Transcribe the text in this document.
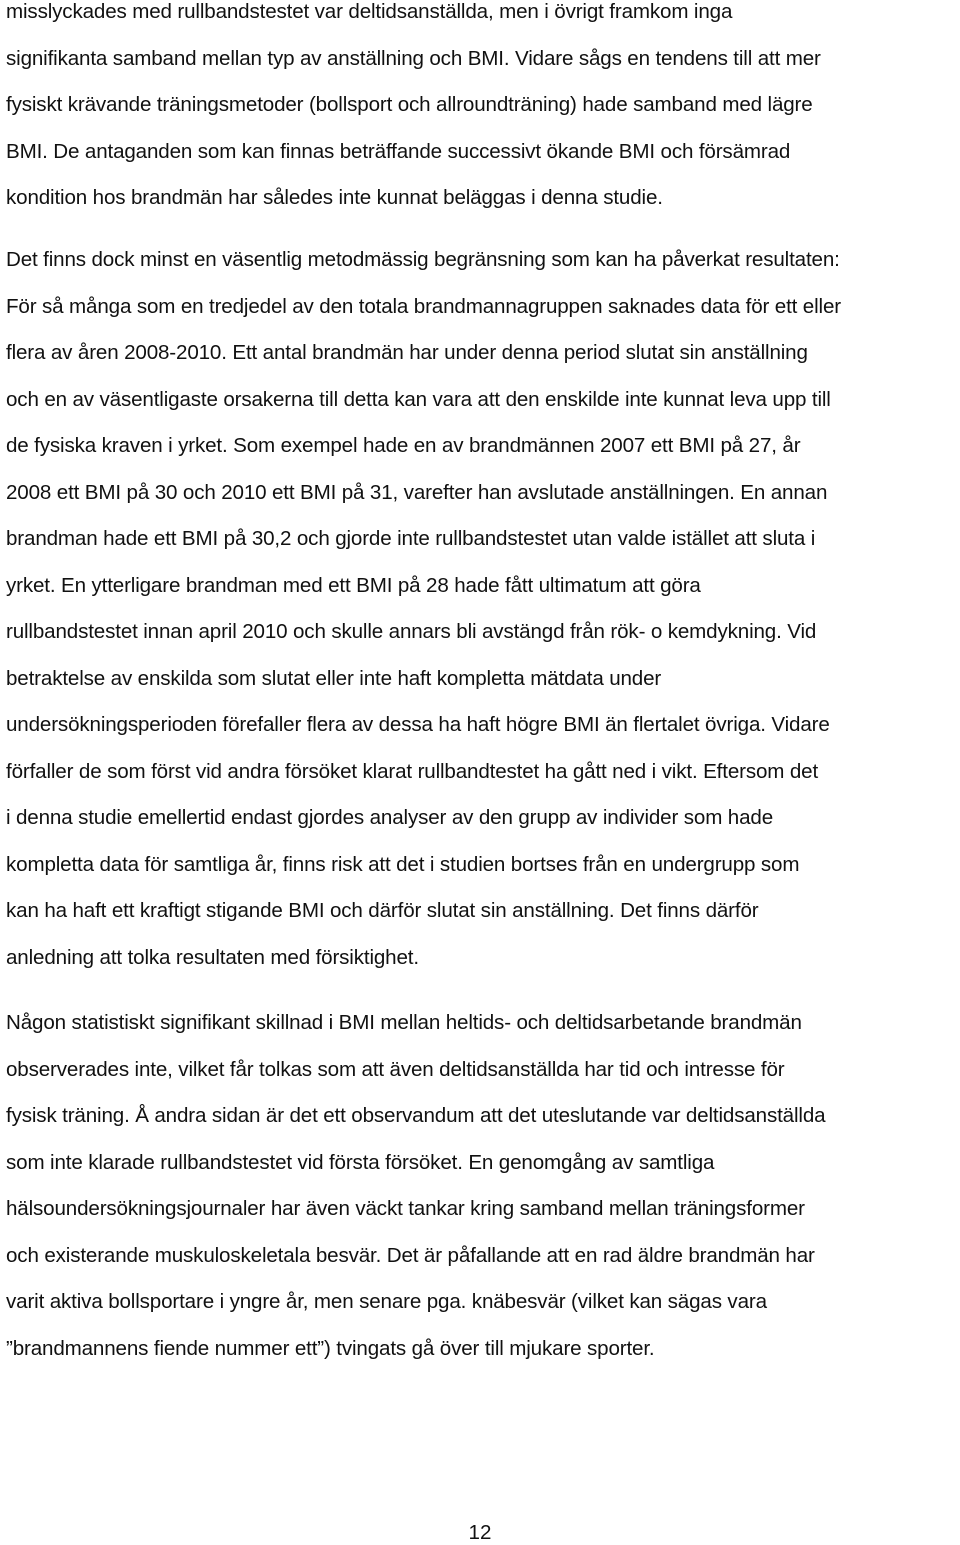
misslyckades med rullbandstestet var deltidsanställda, men i övrigt framkom inga
signifikanta samband mellan typ av anställning och BMI. Vidare sågs en tendens till att mer
fysiskt krävande träningsmetoder (bollsport och allroundträning) hade samband med lägre
BMI. De antaganden som kan finnas beträffande successivt ökande BMI och försämrad
kondition hos brandmän har således inte kunnat beläggas i denna studie.
Det finns dock minst en väsentlig metodmässig begränsning som kan ha påverkat resultaten:
För så många som en tredjedel av den totala brandmannagruppen saknades data för ett eller
flera av åren 2008-2010. Ett antal brandmän har under denna period slutat sin anställning
och en av väsentligaste orsakerna till detta kan vara att den enskilde inte kunnat leva upp till
de fysiska kraven i yrket. Som exempel hade en av brandmännen 2007 ett BMI på 27, år
2008 ett BMI på 30 och 2010 ett BMI på 31, varefter han avslutade anställningen. En annan
brandman hade ett BMI på 30,2 och gjorde inte rullbandstestet utan valde istället att sluta i
yrket. En ytterligare brandman med ett BMI på 28 hade fått ultimatum att göra
rullbandstestet innan april 2010 och skulle annars bli avstängd från rök- o kemdykning. Vid
betraktelse av enskilda som slutat eller inte haft kompletta mätdata under
undersökningsperioden förefaller flera av dessa ha haft högre BMI än flertalet övriga. Vidare
förfaller de som först vid andra försöket klarat rullbandtestet ha gått ned i vikt. Eftersom det
i denna studie emellertid endast gjordes analyser av den grupp av individer som hade
kompletta data för samtliga år, finns risk att det i studien bortses från en undergrupp som
kan ha haft ett kraftigt stigande BMI och därför slutat sin anställning. Det finns därför
anledning att tolka resultaten med försiktighet.
Någon statistiskt signifikant skillnad i BMI mellan heltids- och deltidsarbetande brandmän
observerades inte, vilket får tolkas som att även deltidsanställda har tid och intresse för
fysisk träning. Å andra sidan är det ett observandum att det uteslutande var deltidsanställda
som inte klarade rullbandstestet vid första försöket. En genomgång av samtliga
hälsoundersökningsjournaler har även väckt tankar kring samband mellan träningsformer
och existerande muskuloskeletala besvär. Det är påfallande att en rad äldre brandmän har
varit aktiva bollsportare i yngre år, men senare pga. knäbesvär (vilket kan sägas vara
”brandmannens fiende nummer ett”) tvingats gå över till mjukare sporter.
12
